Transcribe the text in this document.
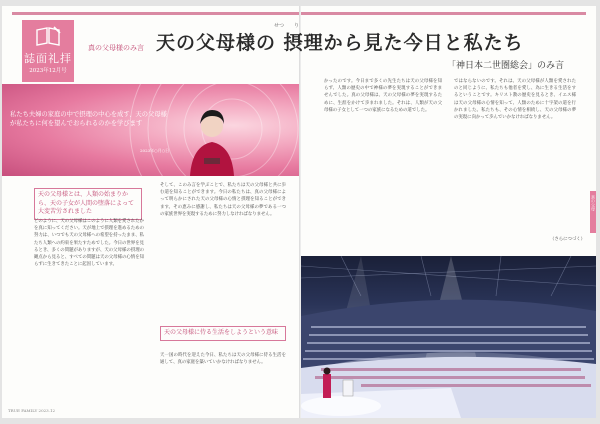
誌面礼拝
2023年12月号
真の父母様のみ言 天の父母様の 摂理から見た今日と私たち
せつ り
「神日本二世圏総会」のみ言
私たち夫婦の家庭の中で摂理の中心を成す、天の父母様が私たちに何を望んでおられるのかを学びます
2023年○月○日
天の父母様とは、人類の始まりから、天の子女が人間の堕落によって大変苦労されました

どのように、天の父母様はこのように人類を愛されたかを真に知ってください。天が地上で摂理を進めるための努力は、いつでも天の父母様への希望を持ったまま、私たち人類への約束を果たすためでした。今日の世界を見るとき、多くの問題がありますが、天の父母様の摂理の観点から見ると、すべての問題は天の父母様の心情を知らずに生きてきたことに起因しています。

そして、このみ言を学ぶことで、私たちは天の父母様と共に歩む道を知ることができます。今日の私たちは、真の父母様によって明らかにされた天の父母様の心情と摂理を知ることができます。その恵みに感謝し、私たちは天の父母様の夢である一つの家族世界を実現するために努力しなければなりません。

天の父母様に侍る生活をしようという意味

天一国の時代を迎えた今日、私たちは天の父母様に侍る生活を通して、真の家庭を築いていかなければなりません。

TRUE FAMILY 2023.12

かったのです。今日まで多くの先生たちは天の父母様を知らず、人類の歴史の中で神様の夢を実現することができませんでした。真の父母様は、天の父母様の夢を実現するために、生涯をかけて歩まれました。それは、人類が天の父母様の子女として一つの家族になるための道でした。

ではならないのです。それは、天の父母様が人類を愛されたのと同じように、私たちも他者を愛し、為に生きる生活をするということです。キリスト教の歴史を見るとき、イエス様は天の父母様の心情を知って、人類のために十字架の道を行かれました。私たちも、その心情を相続し、天の父母様の夢の実現に向かって歩んでいかなければなりません。

（さらにつづく）
真の父母
